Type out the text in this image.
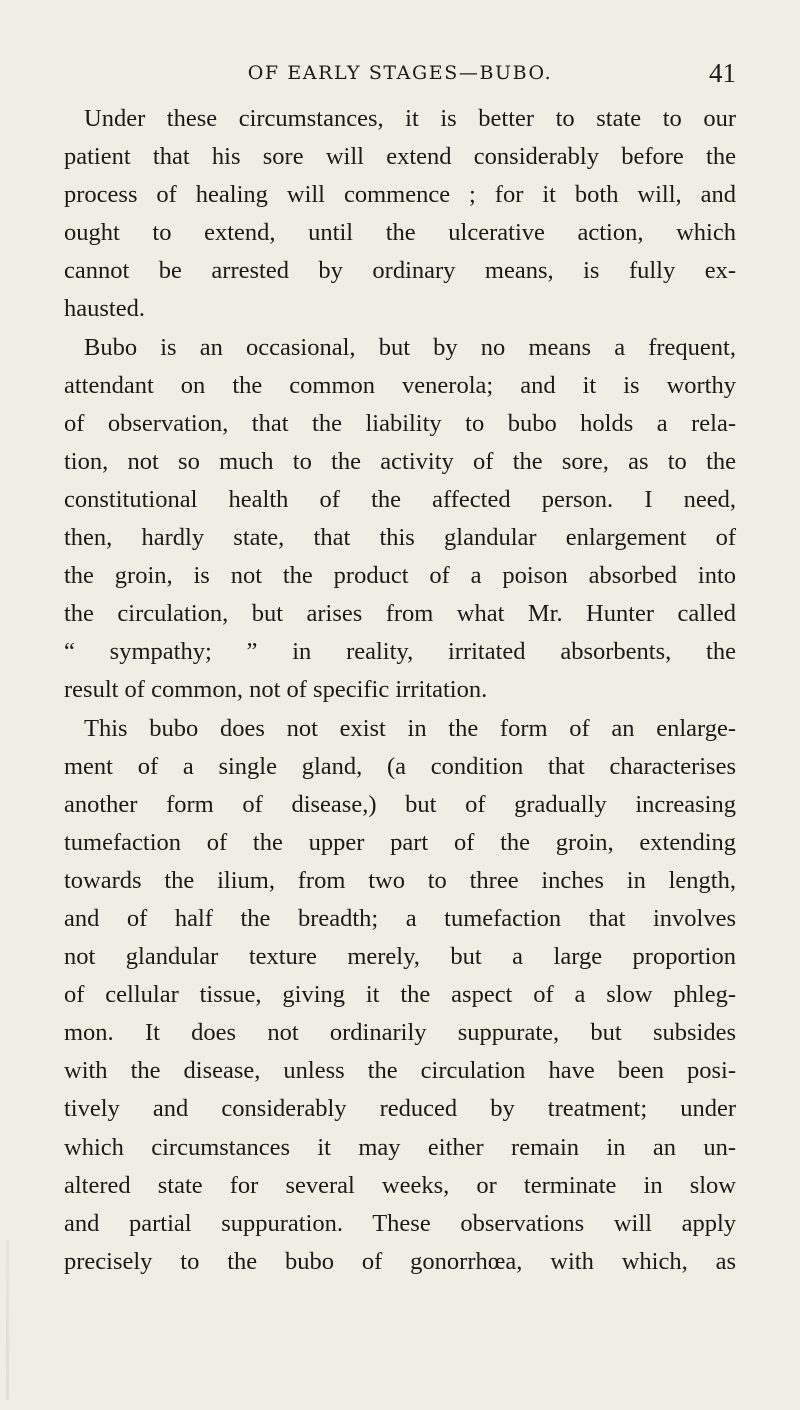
OF EARLY STAGES—BUBO.	41
Under these circumstances, it is better to state to our
patient that his sore will extend considerably before the
process of healing will commence ; for it both will, and
ought to extend, until the ulcerative action, which
cannot be arrested by ordinary means, is fully ex-
hausted.
Bubo is an occasional, but by no means a frequent,
attendant on the common venerola; and it is worthy
of observation, that the liability to bubo holds a rela-
tion, not so much to the activity of the sore, as to the
constitutional health of the affected person. I need,
then, hardly state, that this glandular enlargement of
the groin, is not the product of a poison absorbed into
the circulation, but arises from what Mr. Hunter called
“ sympathy; ” in reality, irritated absorbents, the
result of common, not of specific irritation.
This bubo does not exist in the form of an enlarge-
ment of a single gland, (a condition that characterises
another form of disease,) but of gradually increasing
tumefaction of the upper part of the groin, extending
towards the ilium, from two to three inches in length,
and of half the breadth; a tumefaction that involves
not glandular texture merely, but a large proportion
of cellular tissue, giving it the aspect of a slow phleg-
mon. It does not ordinarily suppurate, but subsides
with the disease, unless the circulation have been posi-
tively and considerably reduced by treatment; under
which circumstances it may either remain in an un-
altered state for several weeks, or terminate in slow
and partial suppuration. These observations will apply
precisely to the bubo of gonorrhœa, with which, as
